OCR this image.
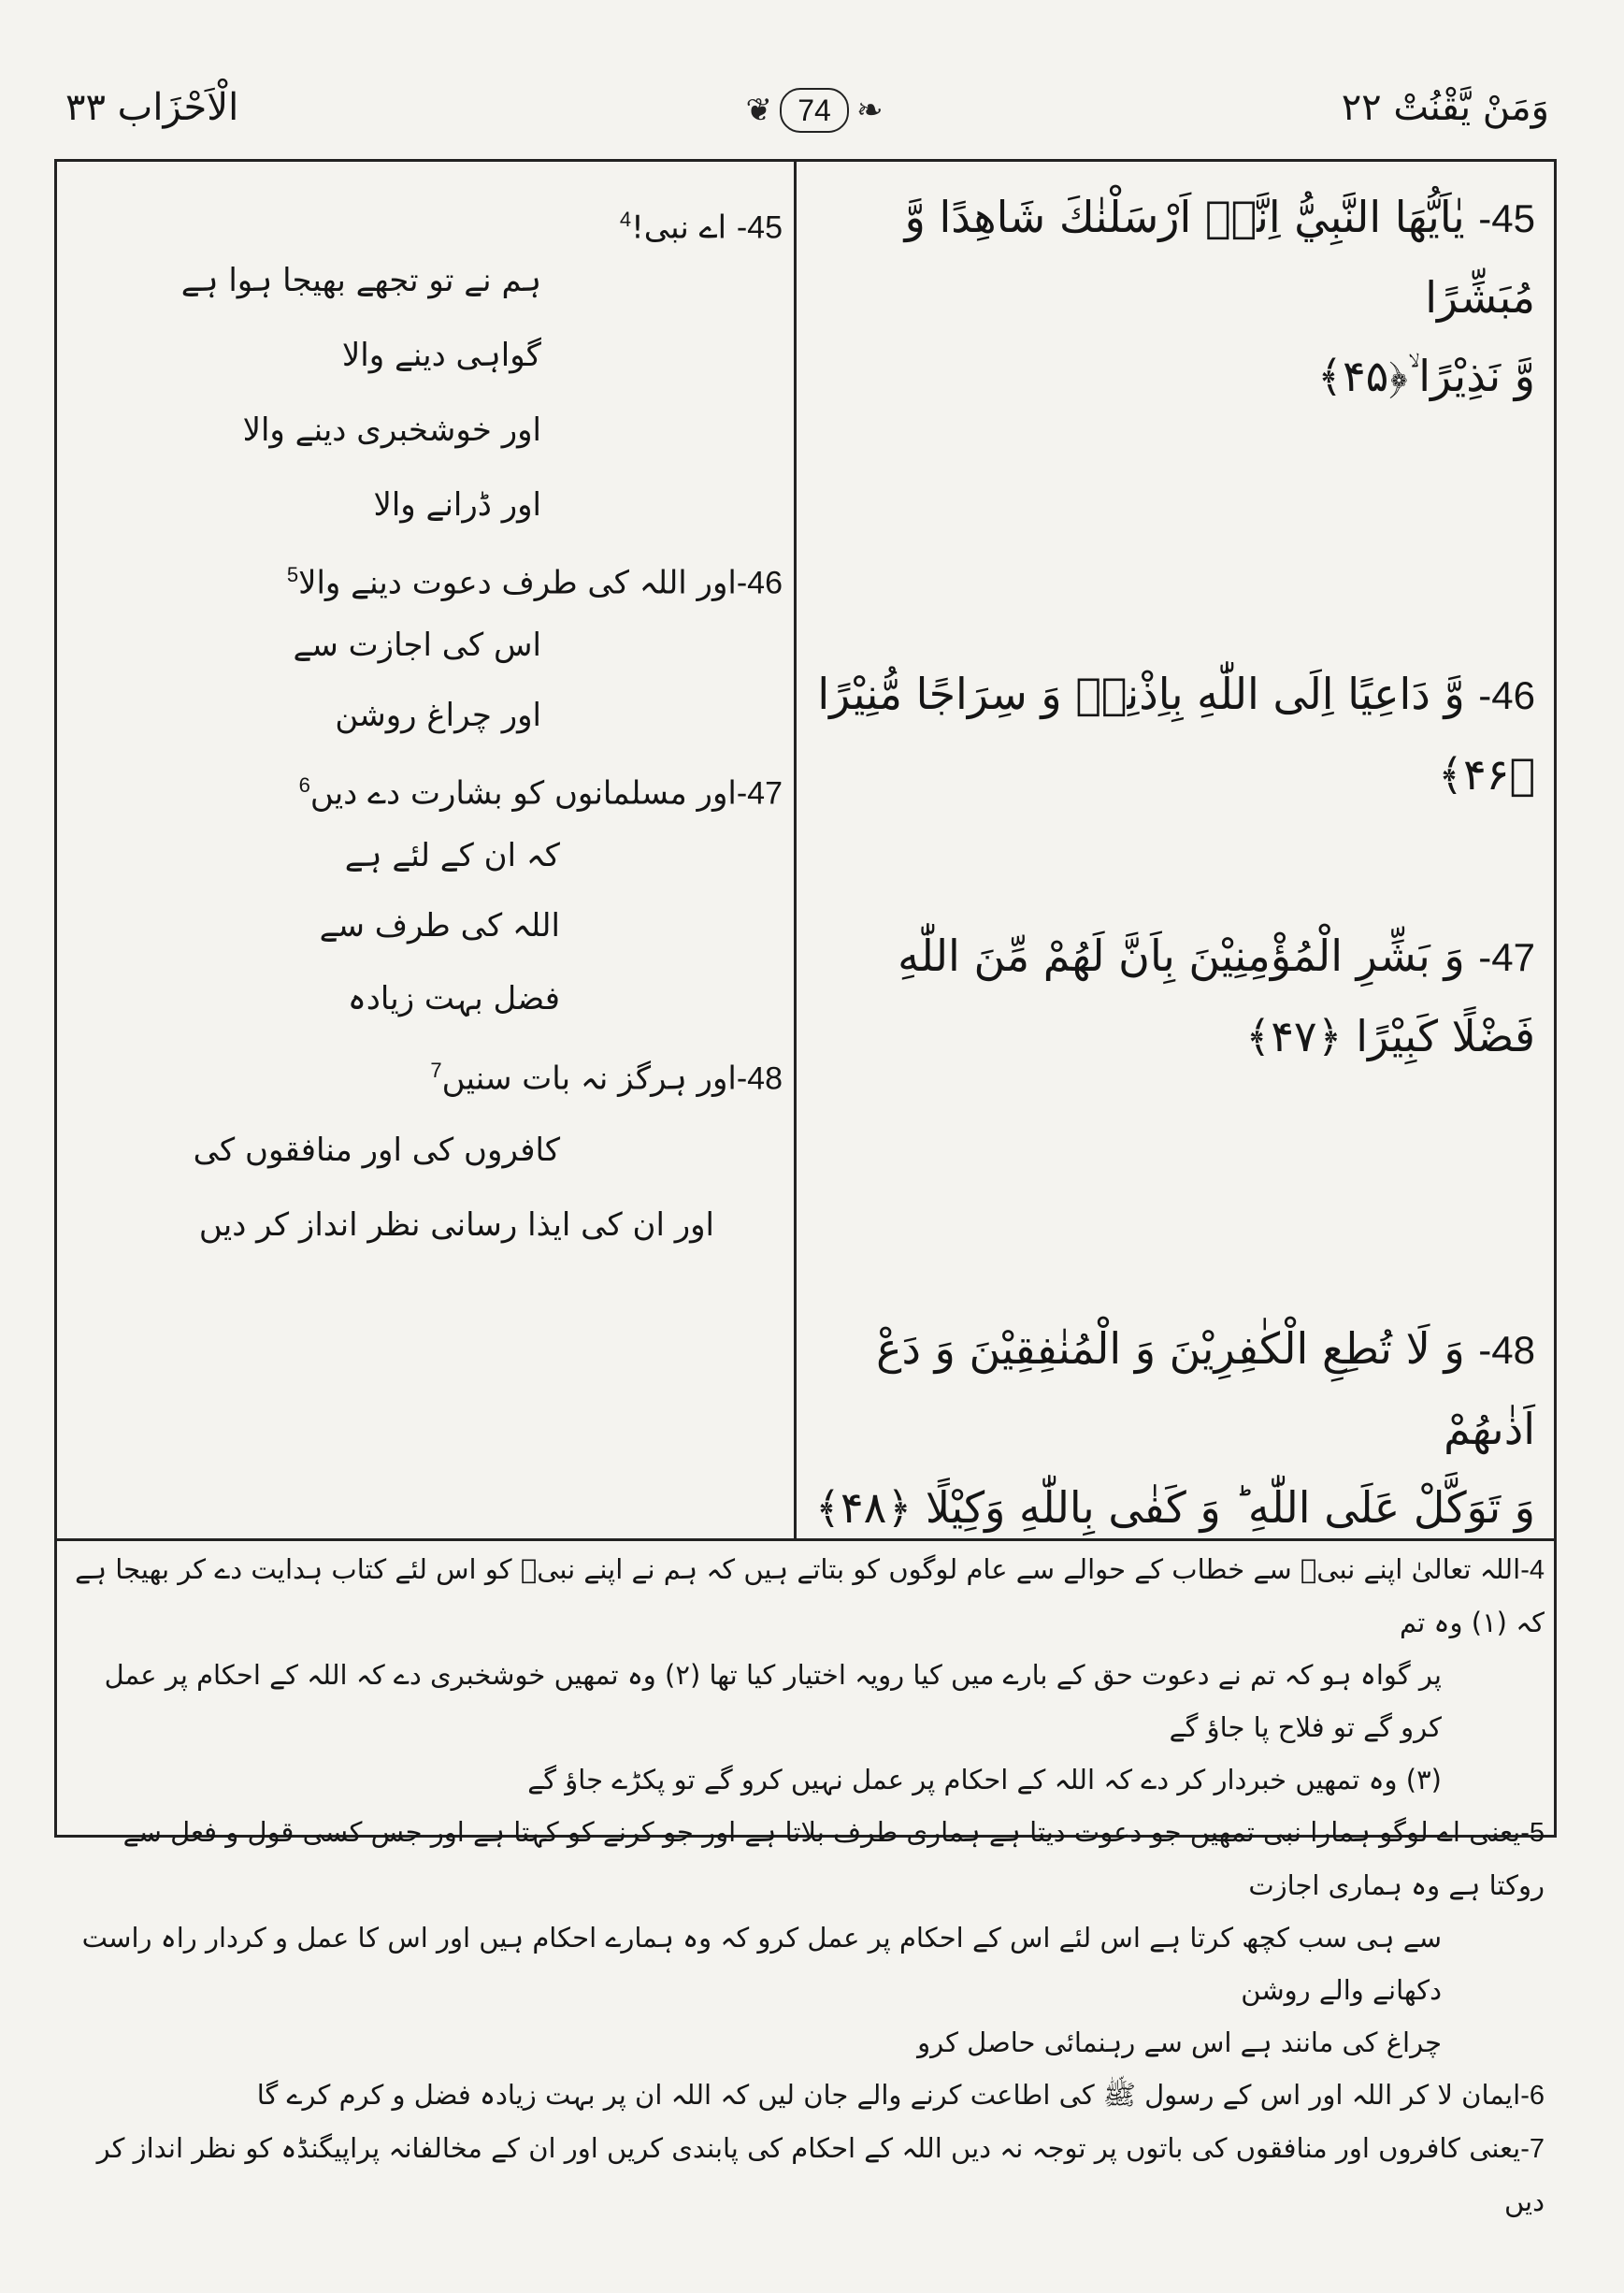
وَمَنْ يَّقْنُتْ ٢٢
❦ 74 ❧
الْاَحْزَاب ٣٣
45- يٰاَيُّهَا النَّبِيُّ اِنَّاۤ اَرْسَلْنٰكَ شَاهِدًا وَّ مُبَشِّرًا
وَّ نَذِيْرًا ۙ﴿۴۵﴾
46- وَّ دَاعِيًا اِلَى اللّٰهِ بِاِذْنِهٖ وَ سِرَاجًا مُّنِيْرًا ﴿۴۶﴾
47- وَ بَشِّرِ الْمُؤْمِنِيْنَ بِاَنَّ لَهُمْ مِّنَ اللّٰهِ
فَضْلًا كَبِيْرًا ﴿۴۷﴾
48- وَ لَا تُطِعِ الْكٰفِرِيْنَ وَ الْمُنٰفِقِيْنَ وَ دَعْ اَذٰىهُمْ
وَ تَوَكَّلْ عَلَى اللّٰهِ ؕ وَ كَفٰى بِاللّٰهِ وَكِيْلًا ﴿۴۸﴾
45- اے نبی!$^4$
ہم نے تو تجھے بھیجا ہوا ہے
گواہی دینے والا
اور خوشخبری دینے والا
اور ڈرانے والا
46-اور اللہ کی طرف دعوت دینے والا$^5$
اس کی اجازت سے
اور چراغ روشن
47-اور مسلمانوں کو بشارت دے دیں$^6$
کہ ان کے لئے ہے
اللہ کی طرف سے
فضل بہت زیادہ
48-اور ہرگز نہ بات سنیں$^7$
کافروں کی اور منافقوں کی
اور ان کی ایذا رسانی نظر انداز کر دیں
4-اللہ تعالیٰ اپنے نبیؐ سے خطاب کے حوالے سے عام لوگوں کو بتاتے ہیں کہ ہم نے اپنے نبیؐ کو اس لئے کتاب ہدایت دے کر بھیجا ہے کہ (۱) وہ تم
پر گواہ ہو کہ تم نے دعوت حق کے بارے میں کیا رویہ اختیار کیا تھا (۲) وہ تمھیں خوشخبری دے کہ اللہ کے احکام پر عمل کرو گے تو فلاح پا جاؤ گے
(۳) وہ تمھیں خبردار کر دے کہ اللہ کے احکام پر عمل نہیں کرو گے تو پکڑے جاؤ گے
5-یعنی اے لوگو ہمارا نبی تمھیں جو دعوت دیتا ہے ہماری طرف بلاتا ہے اور جو کرنے کو کہتا ہے اور جس کسی قول و فعل سے روکتا ہے وہ ہماری اجازت
سے ہی سب کچھ کرتا ہے اس لئے اس کے احکام پر عمل کرو کہ وہ ہمارے احکام ہیں اور اس کا عمل و کردار راہ راست دکھانے والے روشن
چراغ کی مانند ہے اس سے رہنمائی حاصل کرو
6-ایمان لا کر اللہ اور اس کے رسول ﷺ کی اطاعت کرنے والے جان لیں کہ اللہ ان پر بہت زیادہ فضل و کرم کرے گا
7-یعنی کافروں اور منافقوں کی باتوں پر توجہ نہ دیں اللہ کے احکام کی پابندی کریں اور ان کے مخالفانہ پراپیگنڈہ کو نظر انداز کر دیں
